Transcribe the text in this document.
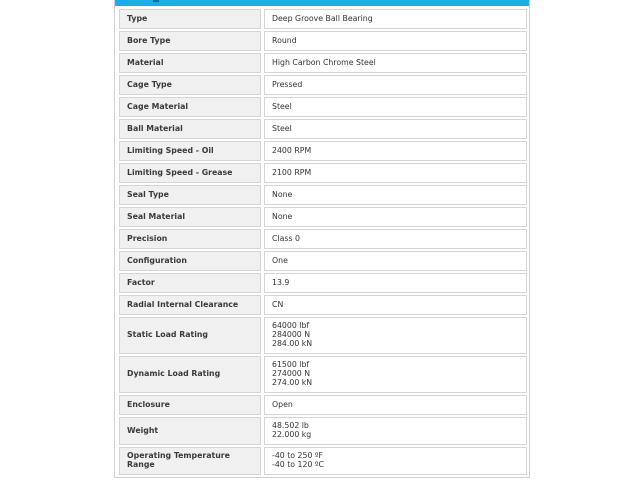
Type	Deep Groove Ball Bearing

Bore Type	Round

Material	High Carbon Chrome Steel

Cage Type	Pressed

Cage Material	Steel

Ball Material	Steel

Limiting Speed - Oil	2400 RPM

Limiting Speed - Grease	2100 RPM

Seal Type	None

Seal Material	None

Precision	Class 0

Configuration	One

Factor	13.9

Radial Internal Clearance	CN

Static Load Rating	64000 lbf
284000 N
284.00 kN

Dynamic Load Rating	61500 lbf
274000 N
274.00 kN

Enclosure	Open

Weight	48.502 lb
22.000 kg

Operating Temperature Range	-40 to 250 ºF
-40 to 120 ºC
